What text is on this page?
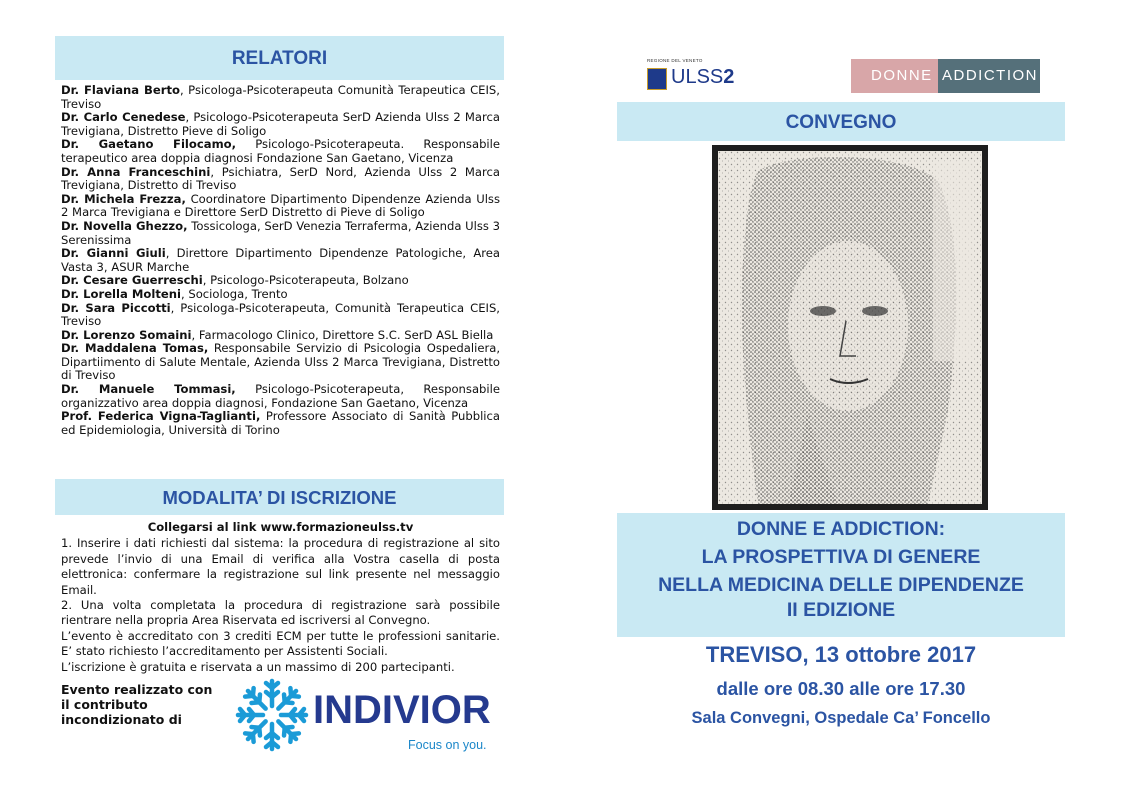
RELATORI

Dr. Flaviana Berto, Psicologa-Psicoterapeuta Comunità Terapeutica CEIS, Treviso

Dr. Carlo Cenedese, Psicologo-Psicoterapeuta SerD Azienda Ulss 2 Marca Trevigiana, Distretto Pieve di Soligo

Dr. Gaetano Filocamo, Psicologo-Psicoterapeuta. Responsabile terapeutico area doppia diagnosi Fondazione San Gaetano, Vicenza

Dr. Anna Franceschini, Psichiatra, SerD Nord, Azienda Ulss 2 Marca Trevigiana, Distretto di Treviso

Dr. Michela Frezza, Coordinatore Dipartimento Dipendenze Azienda Ulss 2 Marca Trevigiana e Direttore SerD Distretto di Pieve di Soligo

Dr. Novella Ghezzo, Tossicologa, SerD Venezia Terraferma, Azienda Ulss 3 Serenissima

Dr. Gianni Giuli, Direttore Dipartimento Dipendenze Patologiche, Area Vasta 3, ASUR Marche

Dr. Cesare Guerreschi, Psicologo-Psicoterapeuta, Bolzano

Dr. Lorella Molteni, Sociologa, Trento

Dr. Sara Piccotti, Psicologa-Psicoterapeuta, Comunità Terapeutica CEIS, Treviso

Dr. Lorenzo Somaini, Farmacologo Clinico, Direttore S.C. SerD ASL Biella

Dr. Maddalena Tomas, Responsabile Servizio di Psicologia Ospedaliera, Dipartiimento di Salute Mentale, Azienda Ulss 2 Marca Trevigiana, Distretto di Treviso

Dr. Manuele Tommasi, Psicologo-Psicoterapeuta, Responsabile organizzativo area doppia diagnosi, Fondazione San Gaetano, Vicenza

Prof. Federica Vigna-Taglianti, Professore Associato di Sanità Pubblica ed Epidemiologia, Università di Torino

MODALITA’ DI ISCRIZIONE

Collegarsi al link www.formazioneulss.tv

1. Inserire i dati richiesti dal sistema: la procedura di registrazione al sito prevede l’invio di una Email di verifica alla Vostra casella di posta elettronica: confermare la registrazione sul link presente nel messaggio Email.

2. Una volta completata la procedura di registrazione sarà possibile rientrare nella propria Area Riservata ed iscriversi al Convegno.

L’evento è accreditato con 3 crediti ECM per tutte le professioni sanitarie. E’ stato richiesto l’accreditamento per Assistenti Sociali.

L’iscrizione è gratuita e riservata a un massimo di 200 partecipanti.

Evento realizzato con
il contributo
incondizionato di	INDIVIOR
Focus on you.
REGIONE DEL VENETO
ULSS2	DONNE ADDICTION
CONVEGNO
DONNE E ADDICTION:
LA PROSPETTIVA DI GENERE
NELLA MEDICINA DELLE DIPENDENZE
II EDIZIONE
TREVISO, 13 ottobre 2017
dalle ore 08.30 alle ore 17.30
Sala Convegni, Ospedale Ca’ Foncello
